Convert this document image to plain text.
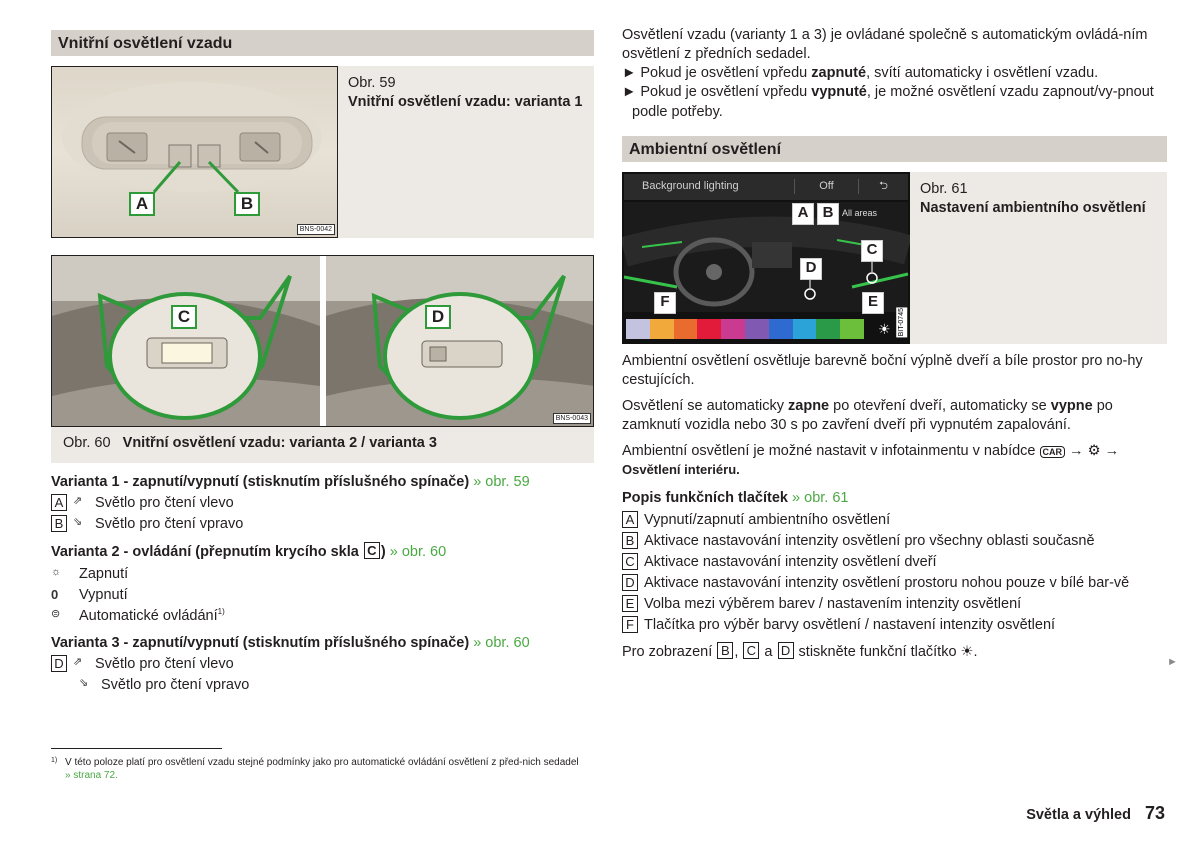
Vnitřní osvětlení vzadu
A	B
BNS-0042
Obr. 59
Vnitřní osvětlení vzadu: varianta 1
C	D
BNS-0043
Obr. 60 Vnitřní osvětlení vzadu: varianta 2 / varianta 3

Varianta 1 - zapnutí/vypnutí (stisknutím příslušného spínače) » obr. 59

A ⇗ Světlo pro čtení vlevo
B ⇘ Světlo pro čtení vpravo

Varianta 2 - ovládání (přepnutím krycího skla C ) » obr. 60

☼	Zapnutí
0	Vypnutí
⊜	Automatické ovládání$^{1)}$

Varianta 3 - zapnutí/vypnutí (stisknutím příslušného spínače) » obr. 60

D ⇗ Světlo pro čtení vlevo
⇘ Světlo pro čtení vpravo
1) V této poloze platí pro osvětlení vzadu stejné podmínky jako pro automatické ovládání osvětlení z před-nich sedadel » strana 72.

Osvětlení vzadu (varianty 1 a 3) je ovládané společně s automatickým ovládá-ním osvětlení z předních sedadel.

► Pokud je osvětlení vpředu zapnuté, svítí automaticky i osvětlení vzadu.

► Pokud je osvětlení vpředu vypnuté, je možné osvětlení vzadu zapnout/vy-pnout podle potřeby.

Ambientní osvětlení
Background lighting	Off	⮌
A B All areas
C
D
E
F
☀ BIT-0745
Obr. 61
Nastavení ambientního osvětlení

Ambientní osvětlení osvětluje barevně boční výplně dveří a bíle prostor pro no-hy cestujících.

Osvětlení se automaticky zapne po otevření dveří, automaticky se vypne po zamknutí vozidla nebo 30 s po zavření dveří při vypnutém zapalování.

Ambientní osvětlení je možné nastavit v infotainmentu v nabídce CAR → ⚙ →
Osvětlení interiéru.

Popis funkčních tlačítek » obr. 61

A Vypnutí/zapnutí ambientního osvětlení
B Aktivace nastavování intenzity osvětlení pro všechny oblasti současně
C Aktivace nastavování intenzity osvětlení dveří
D Aktivace nastavování intenzity osvětlení prostoru nohou pouze v bílé bar-vě
E Volba mezi výběrem barev / nastavením intenzity osvětlení
F Tlačítka pro výběr barvy osvětlení / nastavení intenzity osvětlení

Pro zobrazení B , C a D stiskněte funkční tlačítko ☀.

►
Světla a výhled 73
